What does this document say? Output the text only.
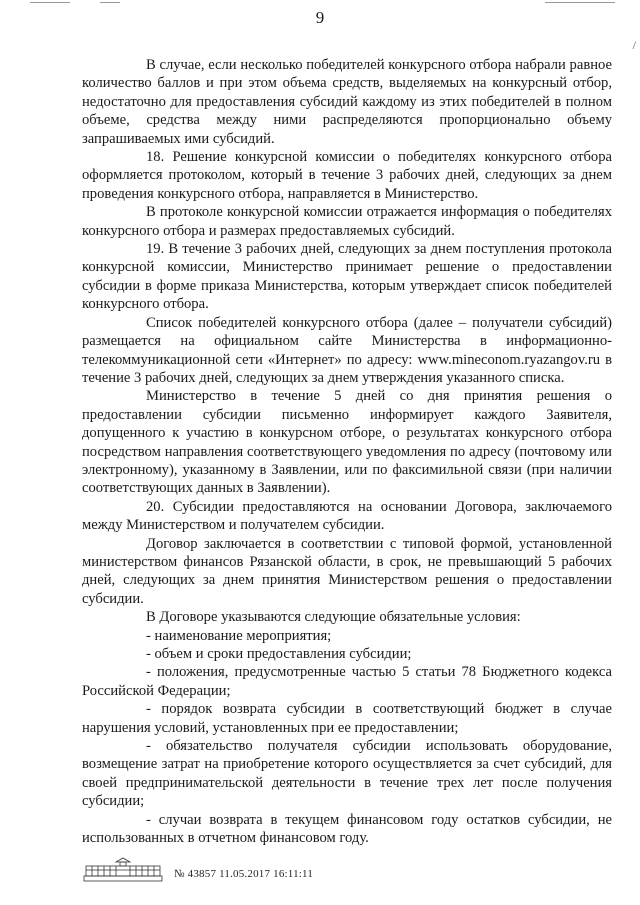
9
/

В случае, если несколько победителей конкурсного отбора набрали равное количество баллов и при этом объема средств, выделяемых на конкурсный отбор, недостаточно для предоставления субсидий каждому из этих победителей в полном объеме, средства между ними распределяются пропорционально объему запрашиваемых ими субсидий.

18. Решение конкурсной комиссии о победителях конкурсного отбора оформляется протоколом, который в течение 3 рабочих дней, следующих за днем проведения конкурсного отбора, направляется в Министерство.

В протоколе конкурсной комиссии отражается информация о победителях конкурсного отбора и размерах предоставляемых субсидий.

19. В течение 3 рабочих дней, следующих за днем поступления протокола конкурсной комиссии, Министерство принимает решение о предоставлении субсидии в форме приказа Министерства, которым утверждает список победителей конкурсного отбора.

Список победителей конкурсного отбора (далее – получатели субсидий) размещается на официальном сайте Министерства в информационно-телекоммуникационной сети «Интернет» по адресу: www.mineconom.ryazangov.ru в течение 3 рабочих дней, следующих за днем утверждения указанного списка.

Министерство в течение 5 дней со дня принятия решения о предоставлении субсидии письменно информирует каждого Заявителя, допущенного к участию в конкурсном отборе, о результатах конкурсного отбора посредством направления соответствующего уведомления по адресу (почтовому или электронному), указанному в Заявлении, или по факсимильной связи (при наличии соответствующих данных в Заявлении).

20. Субсидии предоставляются на основании Договора, заключаемого между Министерством и получателем субсидии.

Договор заключается в соответствии с типовой формой, установленной министерством финансов Рязанской области, в срок, не превышающий 5 рабочих дней, следующих за днем принятия Министерством решения о предоставлении субсидии.

В Договоре указываются следующие обязательные условия:

- наименование мероприятия;

- объем и сроки предоставления субсидии;

- положения, предусмотренные частью 5 статьи 78 Бюджетного кодекса Российской Федерации;

- порядок возврата субсидии в соответствующий бюджет в случае нарушения условий, установленных при ее предоставлении;

- обязательство получателя субсидии использовать оборудование, возмещение затрат на приобретение которого осуществляется за счет субсидий, для своей предпринимательской деятельности в течение трех лет после получения субсидии;

- случаи возврата в текущем финансовом году остатков субсидии, не использованных в отчетном финансовом году.

№ 43857 11.05.2017 16:11:11
